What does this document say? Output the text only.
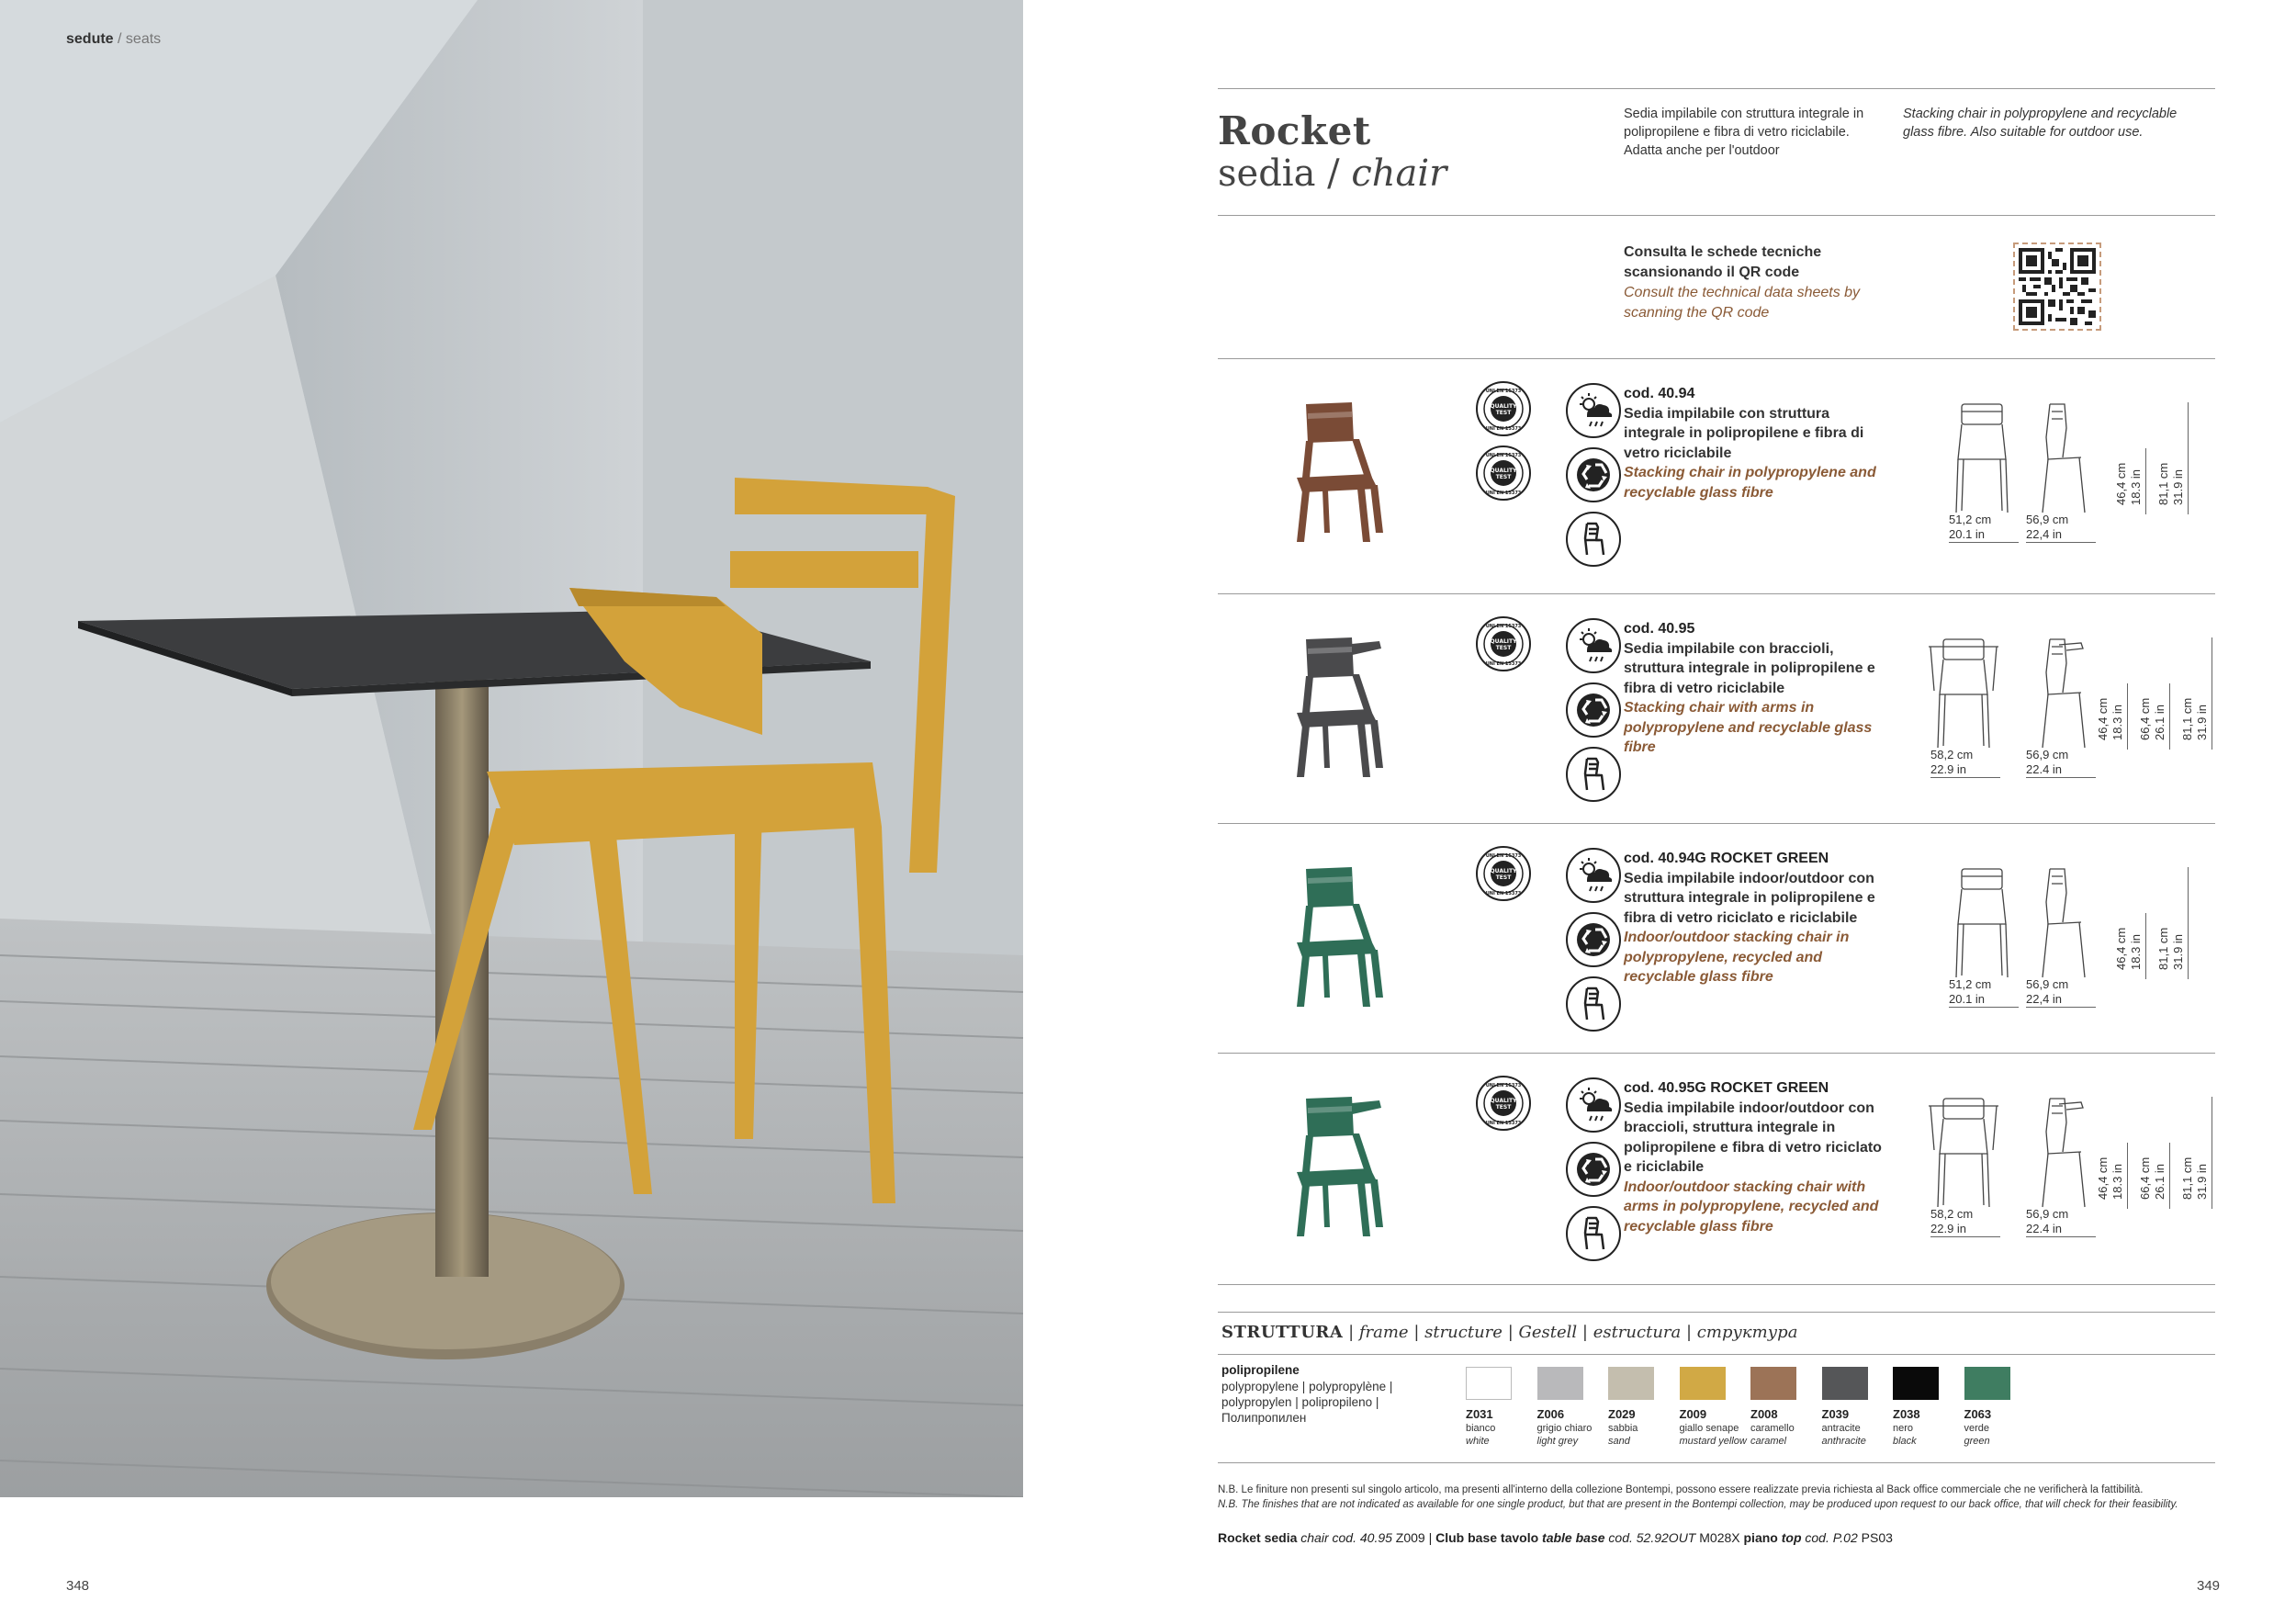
sedute / seats
Rocket
sedia / chair
Sedia impilabile con struttura integrale in polipropilene e fibra di vetro riciclabile. Adatta anche per l'outdoor
Stacking chair in polypropylene and recyclable glass fibre. Also suitable for outdoor use.
Consulta le schede tecniche scansionando il QR code
Consult the technical data sheets by scanning the QR code
QUALITY
TEST
UNI EN 15373
UNI EN 15373
QUALITY
TEST
UNI EN 15373
UNI EN 15373
cod. 40.94
Sedia impilabile con struttura integrale in polipropilene e fibra di vetro riciclabile
Stacking chair in polypropylene and recyclable glass fibre
51,2 cm
20.1 in
56,9 cm
22,4 in
46,4 cm
18.3 in 81,1 cm
31.9 in
QUALITY
TEST
UNI EN 15373
UNI EN 15373
cod. 40.95
Sedia impilabile con braccioli, struttura integrale in polipropilene e fibra di vetro riciclabile
Stacking chair with arms in polypropylene and recyclable glass fibre	58,2 cm
22.9 in
56,9 cm
22.4 in
46,4 cm
18.3 in 66,4 cm
26.1 in 81,1 cm
31.9 in
QUALITY
TEST
UNI EN 15373
UNI EN 15373
cod. 40.94G ROCKET GREEN
Sedia impilabile indoor/outdoor con struttura integrale in polipropilene e fibra di vetro riciclato e riciclabile
Indoor/outdoor stacking chair in polypropylene, recycled and recyclable glass fibre	51,2 cm
20.1 in
56,9 cm
22,4 in
46,4 cm
18.3 in 81,1 cm
31.9 in
QUALITY
TEST
UNI EN 15373
UNI EN 15373
cod. 40.95G ROCKET GREEN
Sedia impilabile indoor/outdoor con braccioli, struttura integrale in polipropilene e fibra di vetro riciclato e riciclabile
Indoor/outdoor stacking chair with arms in polypropylene, recycled and recyclable glass fibre
58,2 cm
22.9 in
56,9 cm
22.4 in
46,4 cm
18.3 in 66,4 cm
26.1 in 81,1 cm
31.9 in
STRUTTURA | frame | structure | Gestell | estructura | структура
polipropilene
polypropylene | polypropylène | polypropylen | polipropileno | Полипропилен	Z031
bianco
white
Z006
grigio chiaro
light grey
Z029
sabbia
sand
Z009
giallo senape
mustard yellow
Z008
caramello
caramel
Z039
antracite
anthracite
Z038
nero
black
Z063
verde
green
N.B. Le finiture non presenti sul singolo articolo, ma presenti all'interno della collezione Bontempi, possono essere realizzate previa richiesta al Back office commerciale che ne verificherà la fattibilità.
N.B. The finishes that are not indicated as available for one single product, but that are present in the Bontempi collection, may be produced upon request to our back office, that will check for their feasibility.
Rocket sedia chair cod. 40.95 Z009 | Club base tavolo table base cod. 52.92OUT M028X piano top cod. P.02 PS03
348	349
